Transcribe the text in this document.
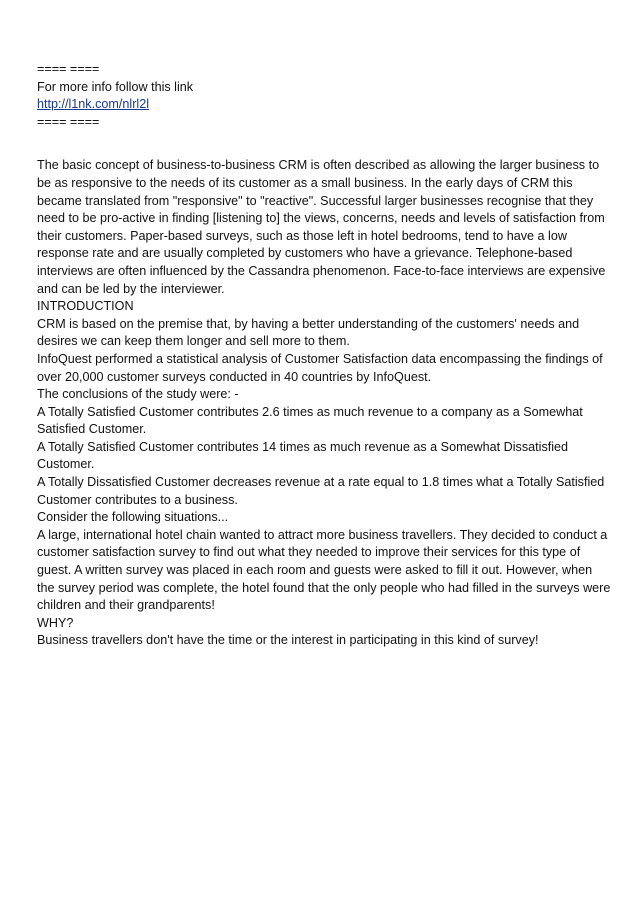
==== ====

For more info follow this link

http://l1nk.com/nlrl2l

==== ====

The basic concept of business-to-business CRM is often described as allowing the larger business to be as responsive to the needs of its customer as a small business. In the early days of CRM this became translated from "responsive" to "reactive". Successful larger businesses recognise that they need to be pro-active in finding [listening to] the views, concerns, needs and levels of satisfaction from their customers. Paper-based surveys, such as those left in hotel bedrooms, tend to have a low response rate and are usually completed by customers who have a grievance. Telephone-based interviews are often influenced by the Cassandra phenomenon. Face-to-face interviews are expensive and can be led by the interviewer.

INTRODUCTION

CRM is based on the premise that, by having a better understanding of the customers' needs and desires we can keep them longer and sell more to them.

InfoQuest performed a statistical analysis of Customer Satisfaction data encompassing the findings of over 20,000 customer surveys conducted in 40 countries by InfoQuest.

The conclusions of the study were: -

A Totally Satisfied Customer contributes 2.6 times as much revenue to a company as a Somewhat Satisfied Customer.

A Totally Satisfied Customer contributes 14 times as much revenue as a Somewhat Dissatisfied Customer.

A Totally Dissatisfied Customer decreases revenue at a rate equal to 1.8 times what a Totally Satisfied Customer contributes to a business.

Consider the following situations...

A large, international hotel chain wanted to attract more business travellers. They decided to conduct a customer satisfaction survey to find out what they needed to improve their services for this type of guest. A written survey was placed in each room and guests were asked to fill it out. However, when the survey period was complete, the hotel found that the only people who had filled in the surveys were children and their grandparents!

WHY?

Business travellers don't have the time or the interest in participating in this kind of survey!
